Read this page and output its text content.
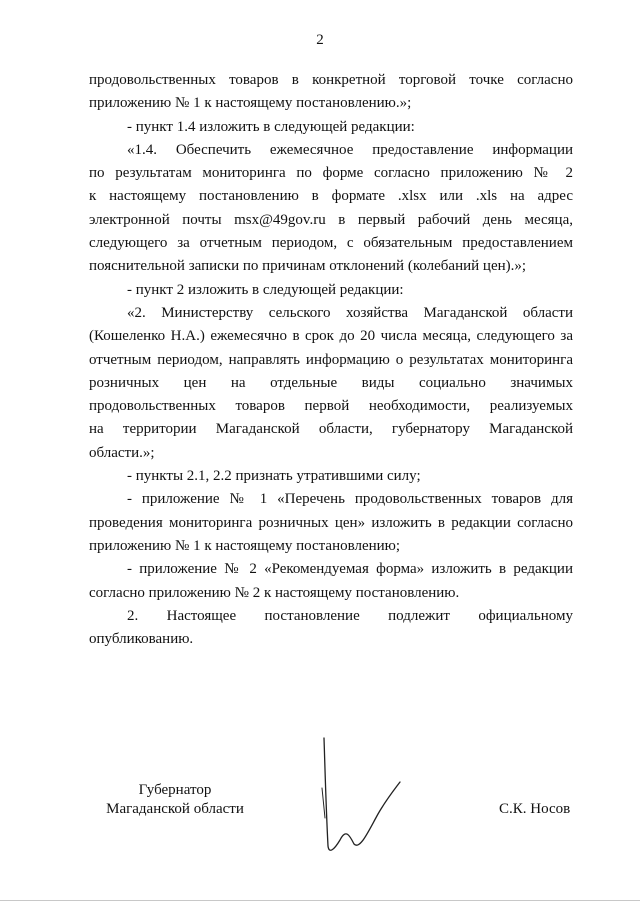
2

продовольственных товаров в конкретной торговой точке согласно

приложению № 1 к настоящему постановлению.»;

- пункт 1.4 изложить в следующей редакции:

«1.4. Обеспечить ежемесячное предоставление информации

по результатам мониторинга по форме согласно приложению № 2

к настоящему постановлению в формате .xlsx или .xls на адрес

электронной почты msx@49gov.ru в первый рабочий день месяца,

следующего за отчетным периодом, с обязательным предоставлением

пояснительной записки по причинам отклонений (колебаний цен).»;

- пункт 2 изложить в следующей редакции:

«2. Министерству сельского хозяйства Магаданской области

(Кошеленко Н.А.) ежемесячно в срок до 20 числа месяца, следующего за

отчетным периодом, направлять информацию о результатах мониторинга

розничных цен на отдельные виды социально значимых

продовольственных товаров первой необходимости, реализуемых

на территории Магаданской области, губернатору Магаданской

области.»;

- пункты 2.1, 2.2 признать утратившими силу;

- приложение № 1 «Перечень продовольственных товаров для

проведения мониторинга розничных цен» изложить в редакции согласно

приложению № 1 к настоящему постановлению;

- приложение № 2 «Рекомендуемая форма» изложить в редакции

согласно приложению № 2 к настоящему постановлению.

2. Настоящее постановление подлежит официальному

опубликованию.

Губернатор
Магаданской области	С.К. Носов
